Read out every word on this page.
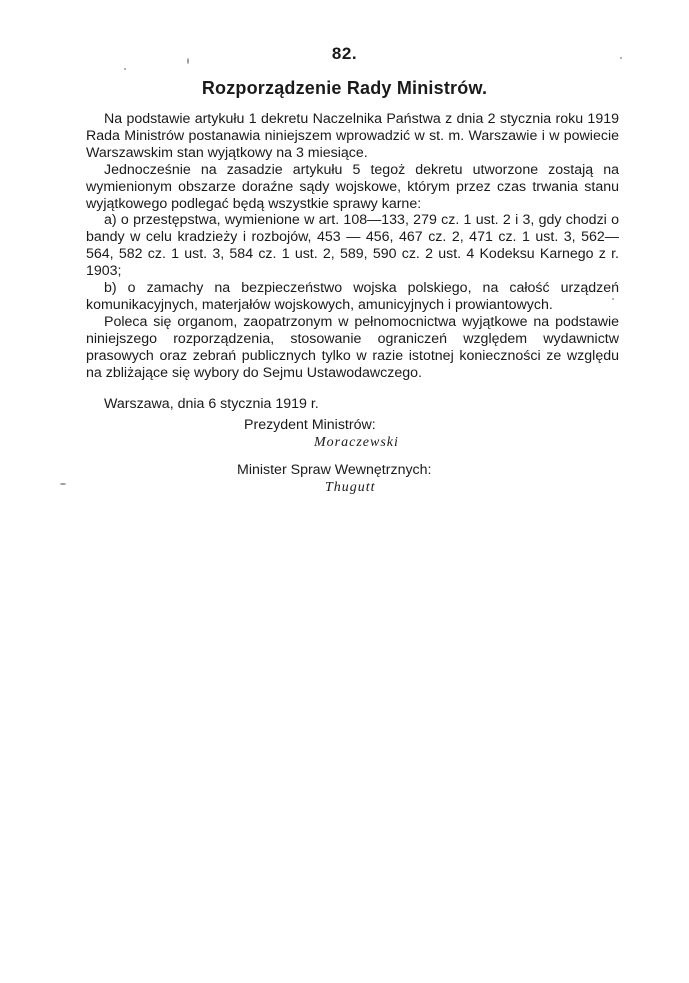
82.
Rozporządzenie Rady Ministrów.

Na podstawie artykułu 1 dekretu Naczelnika Państwa z dnia 2 stycznia roku 1919 Rada Ministrów postanawia niniejszem wprowadzić w st. m. Warszawie i w powiecie Warszawskim stan wyjątkowy na 3 miesiące.

Jednocześnie na zasadzie artykułu 5 tegoż dekretu utworzone zostają na wymienionym obszarze doraźne sądy wojskowe, którym przez czas trwania stanu wyjątkowego podlegać będą wszystkie sprawy karne:

a) o przestępstwa, wymienione w art. 108—133, 279 cz. 1 ust. 2 i 3, gdy chodzi o bandy w celu kradzieży i rozbojów, 453 — 456, 467 cz. 2, 471 cz. 1 ust. 3, 562—564, 582 cz. 1 ust. 3, 584 cz. 1 ust. 2, 589, 590 cz. 2 ust. 4 Kodeksu Karnego z r. 1903;

b) o zamachy na bezpieczeństwo wojska polskiego, na całość urządzeń komunikacyjnych, materjałów wojskowych, amunicyjnych i prowiantowych.

Poleca się organom, zaopatrzonym w pełnomocnictwa wyjątkowe na podstawie niniejszego rozporządzenia, stosowanie ograniczeń względem wydawnictw prasowych oraz zebrań publicznych tylko w razie istotnej konieczności ze względu na zbliżające się wybory do Sejmu Ustawodawczego.

Warszawa, dnia 6 stycznia 1919 r.

Prezydent Ministrów:
Moraczewski
Minister Spraw Wewnętrznych:
Thugutt
